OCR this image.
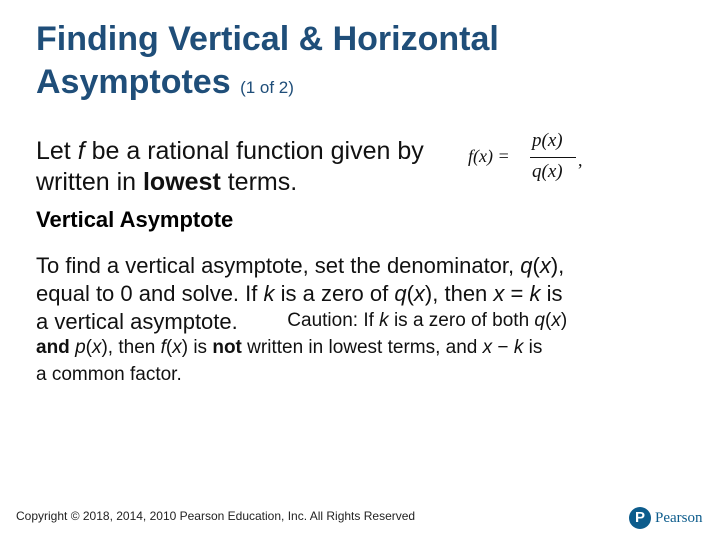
Finding Vertical & Horizontal
Asymptotes (1 of 2)
Let f be a rational function given by
written in lowest terms.
f(x) =
p(x)
q(x)
,
Vertical Asymptote
To find a vertical asymptote, set the denominator, q(x),
equal to 0 and solve. If k is a zero of q(x), then x = k is
a vertical asymptote.	Caution: If k is a zero of both q(x)
and p(x), then f(x) is not written in lowest terms, and x − k is
a common factor.
Copyright © 2018, 2014, 2010 Pearson Education, Inc. All Rights Reserved	P Pearson
